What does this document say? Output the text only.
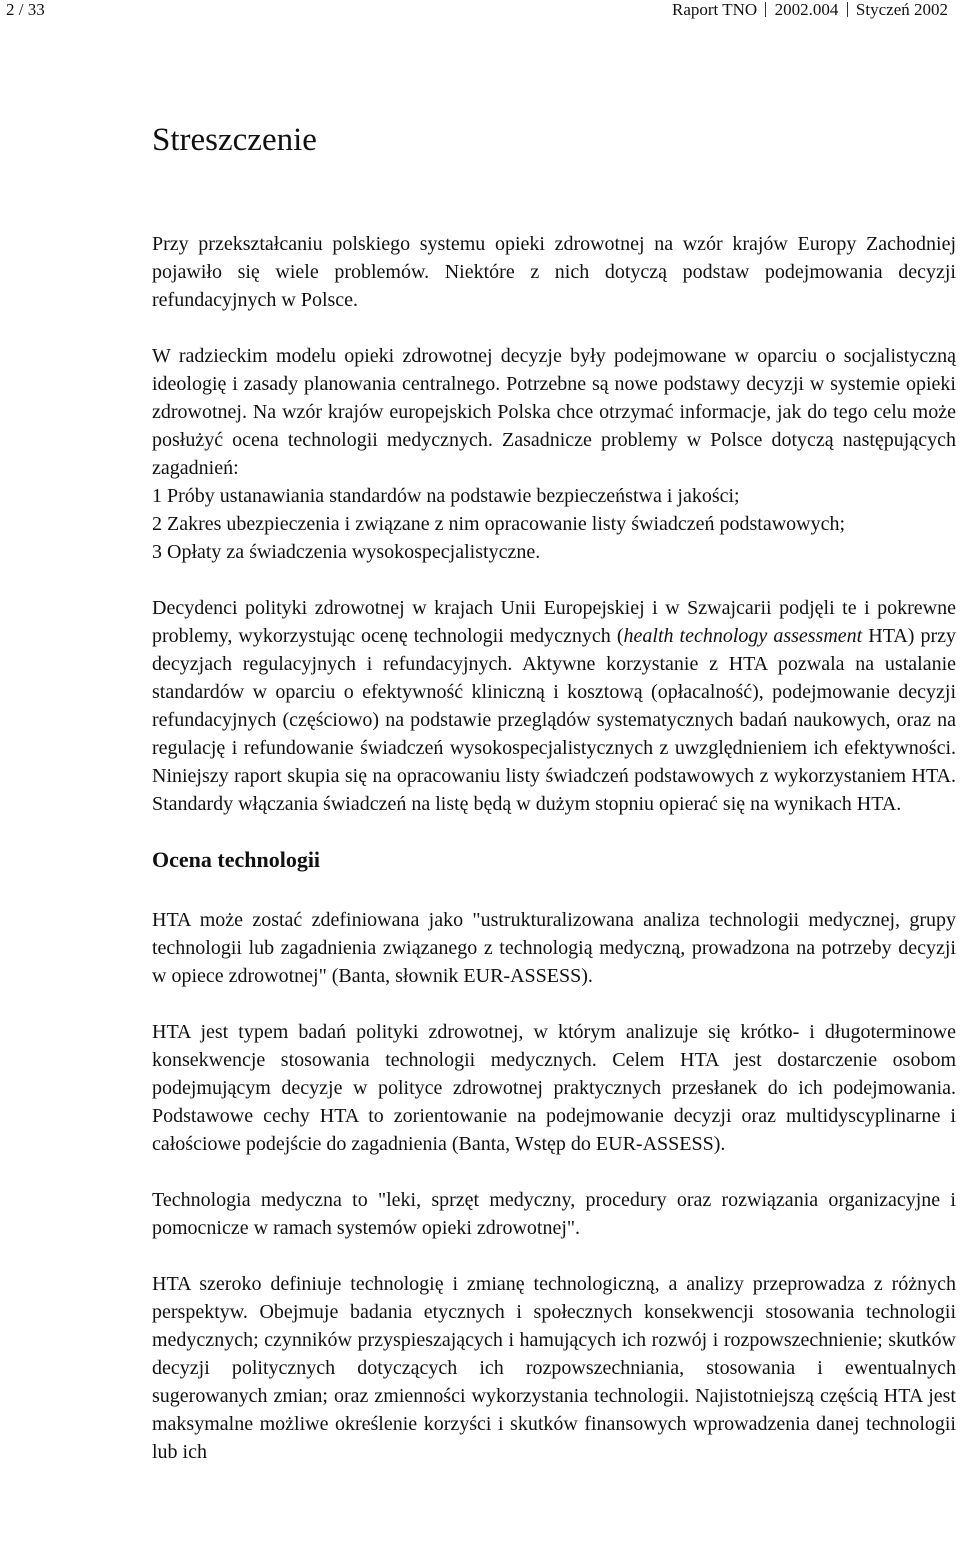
2 / 33	Raport TNO 2002.004 Styczeń 2002
Streszczenie

Przy przekształcaniu polskiego systemu opieki zdrowotnej na wzór krajów Europy Zachodniej pojawiło się wiele problemów. Niektóre z nich dotyczą podstaw podejmowania decyzji refundacyjnych w Polsce.

W radzieckim modelu opieki zdrowotnej decyzje były podejmowane w oparciu o socjalistyczną ideologię i zasady planowania centralnego. Potrzebne są nowe podstawy decyzji w systemie opieki zdrowotnej. Na wzór krajów europejskich Polska chce otrzymać informacje, jak do tego celu może posłużyć ocena technologii medycznych. Zasadnicze problemy w Polsce dotyczą następujących zagadnień:
1 Próby ustanawiania standardów na podstawie bezpieczeństwa i jakości;
2 Zakres ubezpieczenia i związane z nim opracowanie listy świadczeń podstawowych;
3 Opłaty za świadczenia wysokospecjalistyczne.

Decydenci polityki zdrowotnej w krajach Unii Europejskiej i w Szwajcarii podjęli te i pokrewne problemy, wykorzystując ocenę technologii medycznych (health technology assessment HTA) przy decyzjach regulacyjnych i refundacyjnych. Aktywne korzystanie z HTA pozwala na ustalanie standardów w oparciu o efektywność kliniczną i kosztową (opłacalność), podejmowanie decyzji refundacyjnych (częściowo) na podstawie przeglądów systematycznych badań naukowych, oraz na regulację i refundowanie świadczeń wysokospecjalistycznych z uwzględnieniem ich efektywności. Niniejszy raport skupia się na opracowaniu listy świadczeń podstawowych z wykorzystaniem HTA. Standardy włączania świadczeń na listę będą w dużym stopniu opierać się na wynikach HTA.

Ocena technologii

HTA może zostać zdefiniowana jako "ustrukturalizowana analiza technologii medycznej, grupy technologii lub zagadnienia związanego z technologią medyczną, prowadzona na potrzeby decyzji w opiece zdrowotnej" (Banta, słownik EUR-ASSESS).

HTA jest typem badań polityki zdrowotnej, w którym analizuje się krótko- i długoterminowe konsekwencje stosowania technologii medycznych. Celem HTA jest dostarczenie osobom podejmującym decyzje w polityce zdrowotnej praktycznych przesłanek do ich podejmowania. Podstawowe cechy HTA to zorientowanie na podejmowanie decyzji oraz multidyscyplinarne i całościowe podejście do zagadnienia (Banta, Wstęp do EUR-ASSESS).

Technologia medyczna to "leki, sprzęt medyczny, procedury oraz rozwiązania organizacyjne i pomocnicze w ramach systemów opieki zdrowotnej".

HTA szeroko definiuje technologię i zmianę technologiczną, a analizy przeprowadza z różnych perspektyw. Obejmuje badania etycznych i społecznych konsekwencji stosowania technologii medycznych; czynników przyspieszających i hamujących ich rozwój i rozpowszechnienie; skutków decyzji politycznych dotyczących ich rozpowszechniania, stosowania i ewentualnych sugerowanych zmian; oraz zmienności wykorzystania technologii. Najistotniejszą częścią HTA jest maksymalne możliwe określenie korzyści i skutków finansowych wprowadzenia danej technologii lub ich
